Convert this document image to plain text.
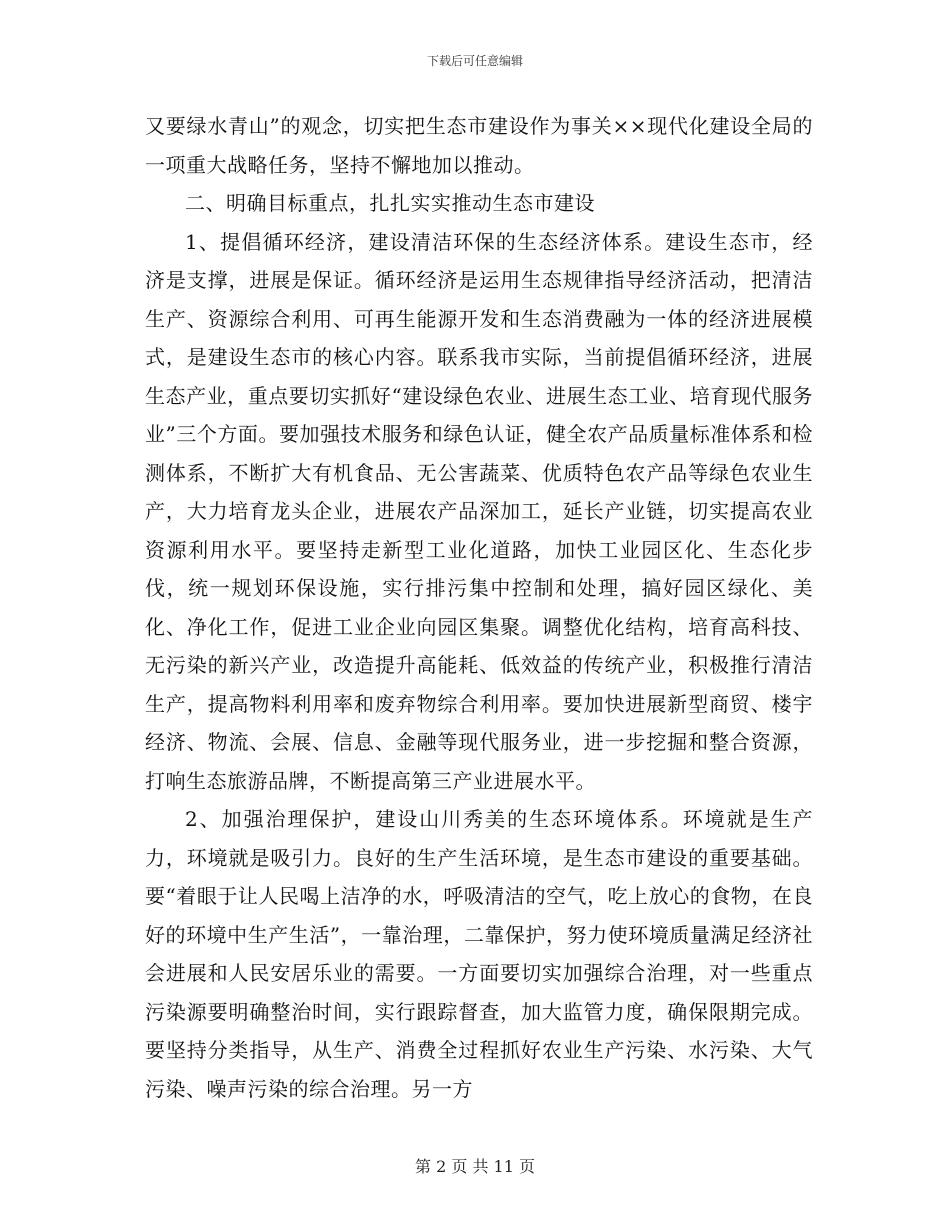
下载后可任意编辑

又要绿水青山”的观念，切实把生态市建设作为事关××现代化建设全局的一项重大战略任务，坚持不懈地加以推动。

二、明确目标重点，扎扎实实推动生态市建设

1、提倡循环经济，建设清洁环保的生态经济体系。建设生态市，经济是支撑，进展是保证。循环经济是运用生态规律指导经济活动，把清洁生产、资源综合利用、可再生能源开发和生态消费融为一体的经济进展模式，是建设生态市的核心内容。联系我市实际，当前提倡循环经济，进展生态产业，重点要切实抓好“建设绿色农业、进展生态工业、培育现代服务业”三个方面。要加强技术服务和绿色认证，健全农产品质量标准体系和检测体系，不断扩大有机食品、无公害蔬菜、优质特色农产品等绿色农业生产，大力培育龙头企业，进展农产品深加工，延长产业链，切实提高农业资源利用水平。要坚持走新型工业化道路，加快工业园区化、生态化步伐，统一规划环保设施，实行排污集中控制和处理，搞好园区绿化、美化、净化工作，促进工业企业向园区集聚。调整优化结构，培育高科技、无污染的新兴产业，改造提升高能耗、低效益的传统产业，积极推行清洁生产，提高物料利用率和废弃物综合利用率。要加快进展新型商贸、楼宇经济、物流、会展、信息、金融等现代服务业，进一步挖掘和整合资源，打响生态旅游品牌，不断提高第三产业进展水平。

2、加强治理保护，建设山川秀美的生态环境体系。环境就是生产力，环境就是吸引力。良好的生产生活环境，是生态市建设的重要基础。要“着眼于让人民喝上洁净的水，呼吸清洁的空气，吃上放心的食物，在良好的环境中生产生活”，一靠治理，二靠保护，努力使环境质量满足经济社会进展和人民安居乐业的需要。一方面要切实加强综合治理，对一些重点污染源要明确整治时间，实行跟踪督查，加大监管力度，确保限期完成。要坚持分类指导，从生产、消费全过程抓好农业生产污染、水污染、大气污染、噪声污染的综合治理。另一方

第 2 页 共 11 页
